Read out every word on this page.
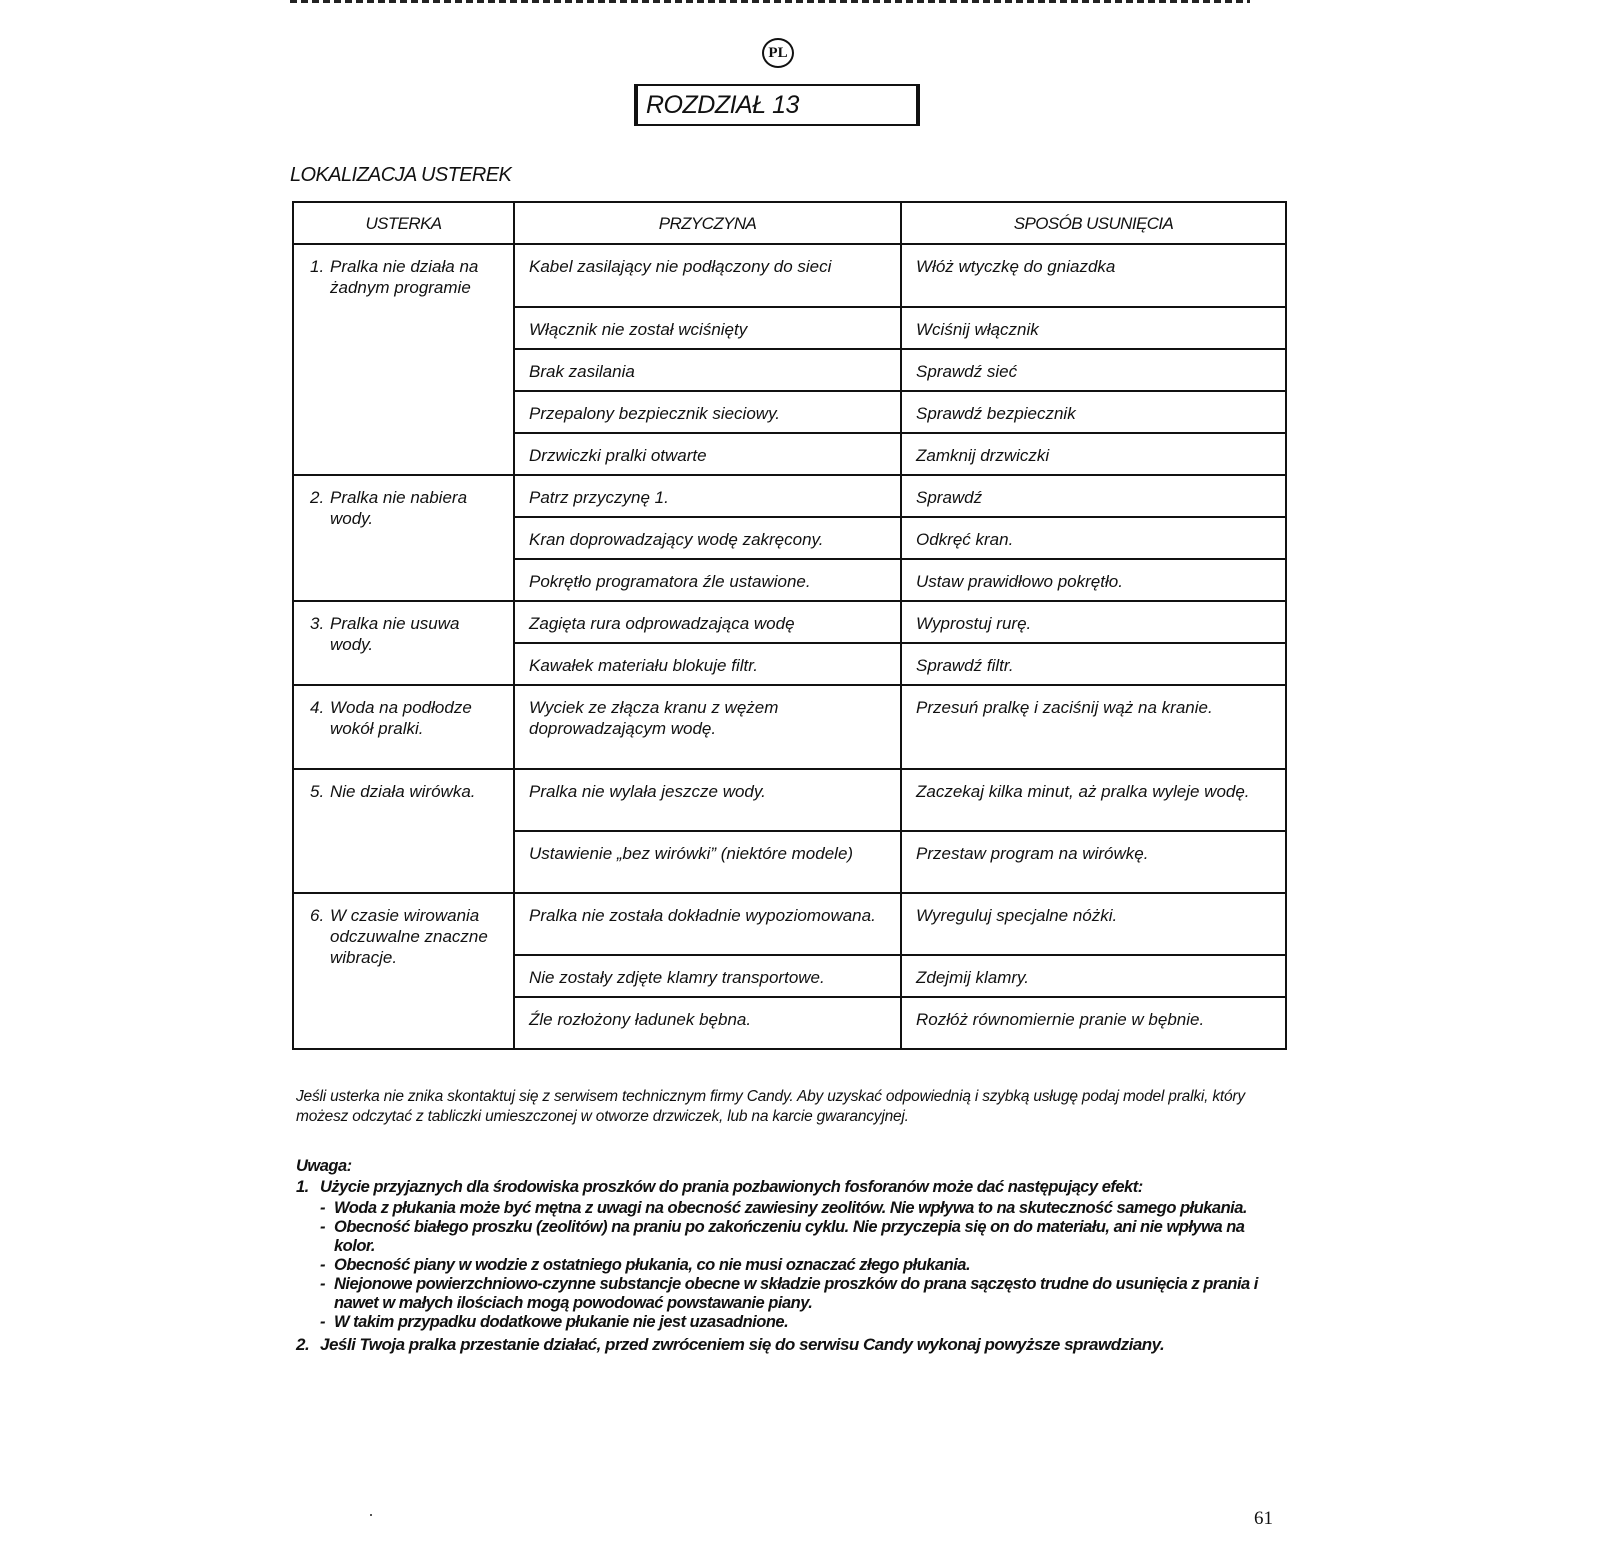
PL
ROZDZIAŁ 13
LOKALIZACJA USTEREK
USTERKA	PRZYCZYNA	SPOSÓB USUNIĘCIA
1. Pralka nie działa na żadnym programie	Kabel zasilający nie podłączony do sieci	Włóż wtyczkę do gniazdka
	Włącznik nie został wciśnięty	Wciśnij włącznik
	Brak zasilania	Sprawdź sieć
	Przepalony bezpiecznik sieciowy.	Sprawdź bezpiecznik
	Drzwiczki pralki otwarte	Zamknij drzwiczki
2. Pralka nie nabiera wody.	Patrz przyczynę 1.	Sprawdź
	Kran doprowadzający wodę zakręcony.	Odkręć kran.
	Pokrętło programatora źle ustawione.	Ustaw prawidłowo pokrętło.
3. Pralka nie usuwa wody.	Zagięta rura odprowadzająca wodę	Wyprostuj rurę.
	Kawałek materiału blokuje filtr.	Sprawdź filtr.
4. Woda na podłodze wokół pralki.	Wyciek ze złącza kranu z wężem doprowadzającym wodę.	Przesuń pralkę i zaciśnij wąż na kranie.
5. Nie działa wirówka.	Pralka nie wylała jeszcze wody.	Zaczekaj kilka minut, aż pralka wyleje wodę.
	Ustawienie „bez wirówki” (niektóre modele)	Przestaw program na wirówkę.
6. W czasie wirowania odczuwalne znaczne wibracje.	Pralka nie została dokładnie wypoziomowana.	Wyreguluj specjalne nóżki.
	Nie zostały zdjęte klamry transportowe.	Zdejmij klamry.
	Źle rozłożony ładunek bębna.	Rozłóż równomiernie pranie w bębnie.

Jeśli usterka nie znika skontaktuj się z serwisem technicznym firmy Candy. Aby uzyskać odpowiednią i szybką usługę podaj model pralki, który możesz odczytać z tabliczki umieszczonej w otworze drzwiczek, lub na karcie gwarancyjnej.

Uwaga:

1. Użycie przyjaznych dla środowiska proszków do prania pozbawionych fosforanów może dać następujący efekt:
- Woda z płukania może być mętna z uwagi na obecność zawiesiny zeolitów. Nie wpływa to na skuteczność samego płukania.
- Obecność białego proszku (zeolitów) na praniu po zakończeniu cyklu. Nie przyczepia się on do materiału, ani nie wpływa na kolor.
- Obecność piany w wodzie z ostatniego płukania, co nie musi oznaczać złego płukania.
- Niejonowe powierzchniowo-czynne substancje obecne w składzie proszków do prana sączęsto trudne do usunięcia z prania i nawet w małych ilościach mogą powodować powstawanie piany.
- W takim przypadku dodatkowe płukanie nie jest uzasadnione.
2. Jeśli Twoja pralka przestanie działać, przed zwróceniem się do serwisu Candy wykonaj powyższe sprawdziany.
61
